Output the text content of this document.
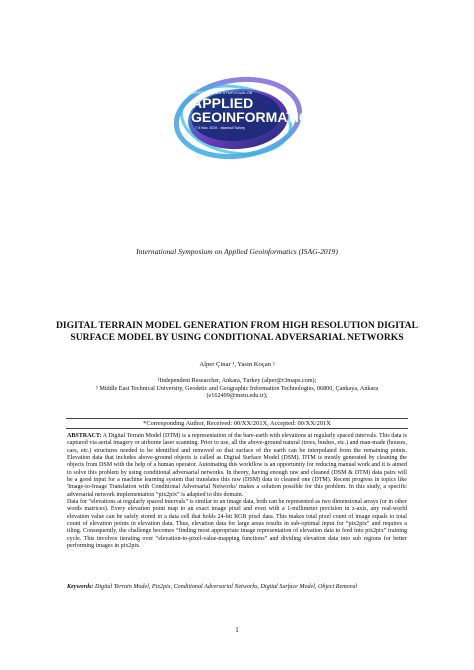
INTERNATIONAL SYMPOSIUM ON
APPLIED
GEOINFORMATICS
7-9 Nov. 2019 - Istanbul/Turkey
International Symposium on Applied Geoinformatics (ISAG-2019)
DIGITAL TERRAIN MODEL GENERATION FROM HIGH RESOLUTION DIGITAL SURFACE MODEL BY USING CONDITIONAL ADVERSARIAL NETWORKS
Alper Çinar ¹, Yasin Koçan ²
¹Independent Researcher, Ankara, Turkey (alper@r3maps.com);
² Middle East Technical University, Geodetic and Geographic Information Technologies, 06800, Çankaya, Ankara (e162499@metu.edu.tr);
*Corresponding Author, Received: 00/XX/201X, Accepted: 00/XX/201X

ABSTRACT: A Digital Terrain Model (DTM) is a representation of the bare-earth with elevations at regularly spaced intervals. This data is captured via aerial imagery or airborne laser scanning. Prior to use, all the above-ground natural (trees, bushes, etc.) and man-made (houses, cars, etc.) structures needed to be identified and removed so that surface of the earth can be interpolated from the remaining points. Elevation data that includes above-ground objects is called as Digital Surface Model (DSM). DTM is mostly generated by cleaning the objects from DSM with the help of a human operator. Automating this workflow is an opportunity for reducing manual work and it is aimed to solve this problem by using conditional adversarial networks. In theory, having enough raw and cleaned (DSM & DTM) data pairs will be a good input for a machine learning system that translates this raw (DSM) data to cleaned one (DTM). Recent progress in topics like 'Image-to-Image Translation with Conditional Adversarial Networks' makes a solution possible for this problem. In this study, a specific adversarial network implementation “pix2pix” is adapted to this domain.

Data for “elevations at regularly spaced intervals” is similar to an image data, both can be represented as two dimensional arrays (or in other words matrices). Every elevation point map to an exact image pixel and even with a 1-millimeter precision in z-axis, any real-world elevation value can be safely stored in a data cell that holds 24-bit RGB pixel data. This makes total pixel count of image equals to total count of elevation points in elevation data. Thus, elevation data for large areas results in sub-optimal input for “pix2pix” and requires a tiling. Consequently, the challenge becomes “finding most appropriate image representation of elevation data to feed into pix2pix” training cycle. This involves iterating over “elevation-to-pixel-value-mapping functions” and dividing elevation data into sub regions for better performing images in pix2pix.

Keywords: Digital Terrain Model, Pix2pix, Conditional Adversarial Networks, Digital Surface Model, Object Removal
1
